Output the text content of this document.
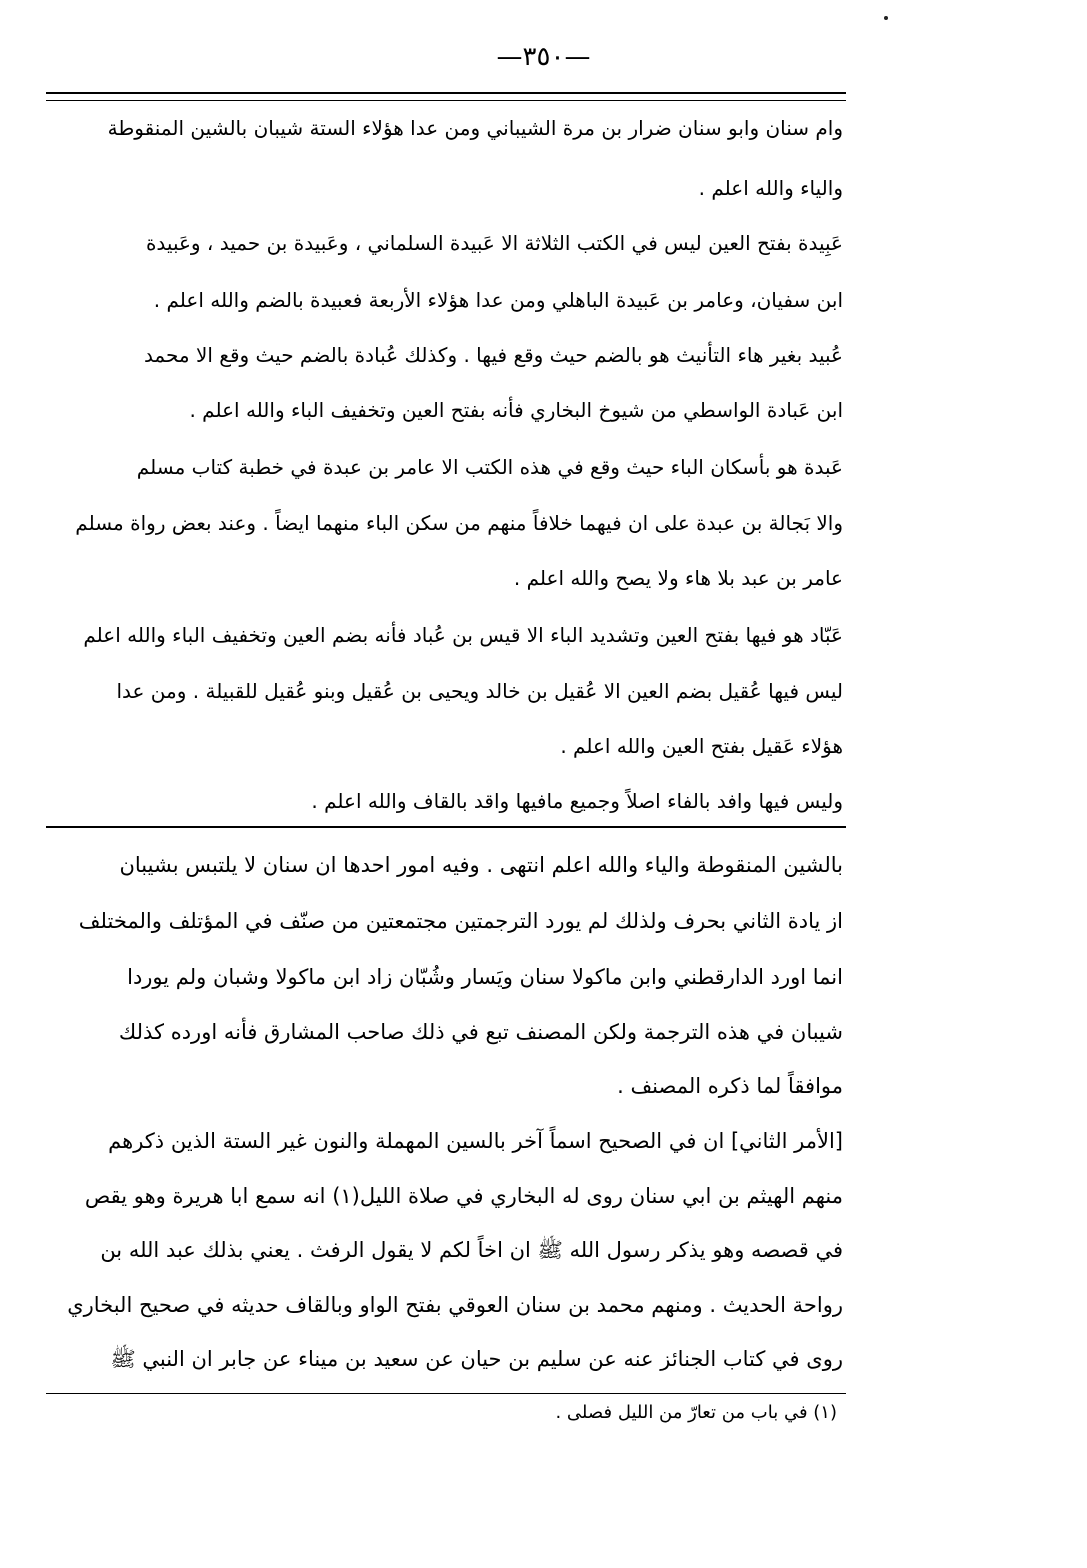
—٣٥٠—
وام سنان وابو سنان ضرار بن مرة الشيباني ومن عدا هؤلاء الستة شيبان بالشين المنقوطة
والياء والله اعلم .
عَبِيدة بفتح العين ليس في الكتب الثلاثة الا عَبيدة السلماني ، وعَبيدة بن حميد ، وعَبيدة
ابن سفيان، وعامر بن عَبيدة الباهلي ومن عدا هؤلاء الأربعة فعبيدة بالضم والله اعلم .
عُبيد بغير هاء التأنيث هو بالضم حيث وقع فيها . وكذلك عُبادة بالضم حيث وقع الا محمد
ابن عَبادة الواسطي من شيوخ البخاري فأنه بفتح العين وتخفيف الباء والله اعلم .
عَبدة هو بأسكان الباء حيث وقع في هذه الكتب الا عامر بن عبدة في خطبة كتاب مسلم
والا بَجالة بن عبدة على ان فيهما خلافاً منهم من سكن الباء منهما ايضاً . وعند بعض رواة مسلم
عامر بن عبد بلا هاء ولا يصح والله اعلم .
عَبّاد هو فيها بفتح العين وتشديد الباء الا قيس بن عُباد فأنه بضم العين وتخفيف الباء والله اعلم
ليس فيها عُقيل بضم العين الا عُقيل بن خالد ويحيى بن عُقيل وبنو عُقيل للقبيلة . ومن عدا
هؤلاء عَقيل بفتح العين والله اعلم .
وليس فيها وافد بالفاء اصلاً وجميع مافيها واقد بالقاف والله اعلم .
بالشين المنقوطة والياء والله اعلم انتهى . وفيه امور احدها ان سنان لا يلتبس بشيبان
از يادة الثاني بحرف ولذلك لم يورد الترجمتين مجتمعتين من صنّف في المؤتلف والمختلف
انما اورد الدارقطني وابن ماكولا سنان ويَسار وشُبّان زاد ابن ماكولا وشبان ولم يوردا
شيبان في هذه الترجمة ولكن المصنف تبع في ذلك صاحب المشارق فأنه اورده كذلك
موافقاً لما ذكره المصنف .
[الأمر الثاني] ان في الصحيح اسماً آخر بالسين المهملة والنون غير الستة الذين ذكرهم
منهم الهيثم بن ابي سنان روى له البخاري في صلاة الليل(١) انه سمع ابا هريرة وهو يقص
في قصصه وهو يذكر رسول الله ﷺ ان اخاً لكم لا يقول الرفث . يعني بذلك عبد الله بن
رواحة الحديث . ومنهم محمد بن سنان العوقي بفتح الواو وبالقاف حديثه في صحيح البخاري
روى في كتاب الجنائز عنه عن سليم بن حيان عن سعيد بن ميناء عن جابر ان النبي ﷺ
(١) في باب من تعارّ من الليل فصلى .
